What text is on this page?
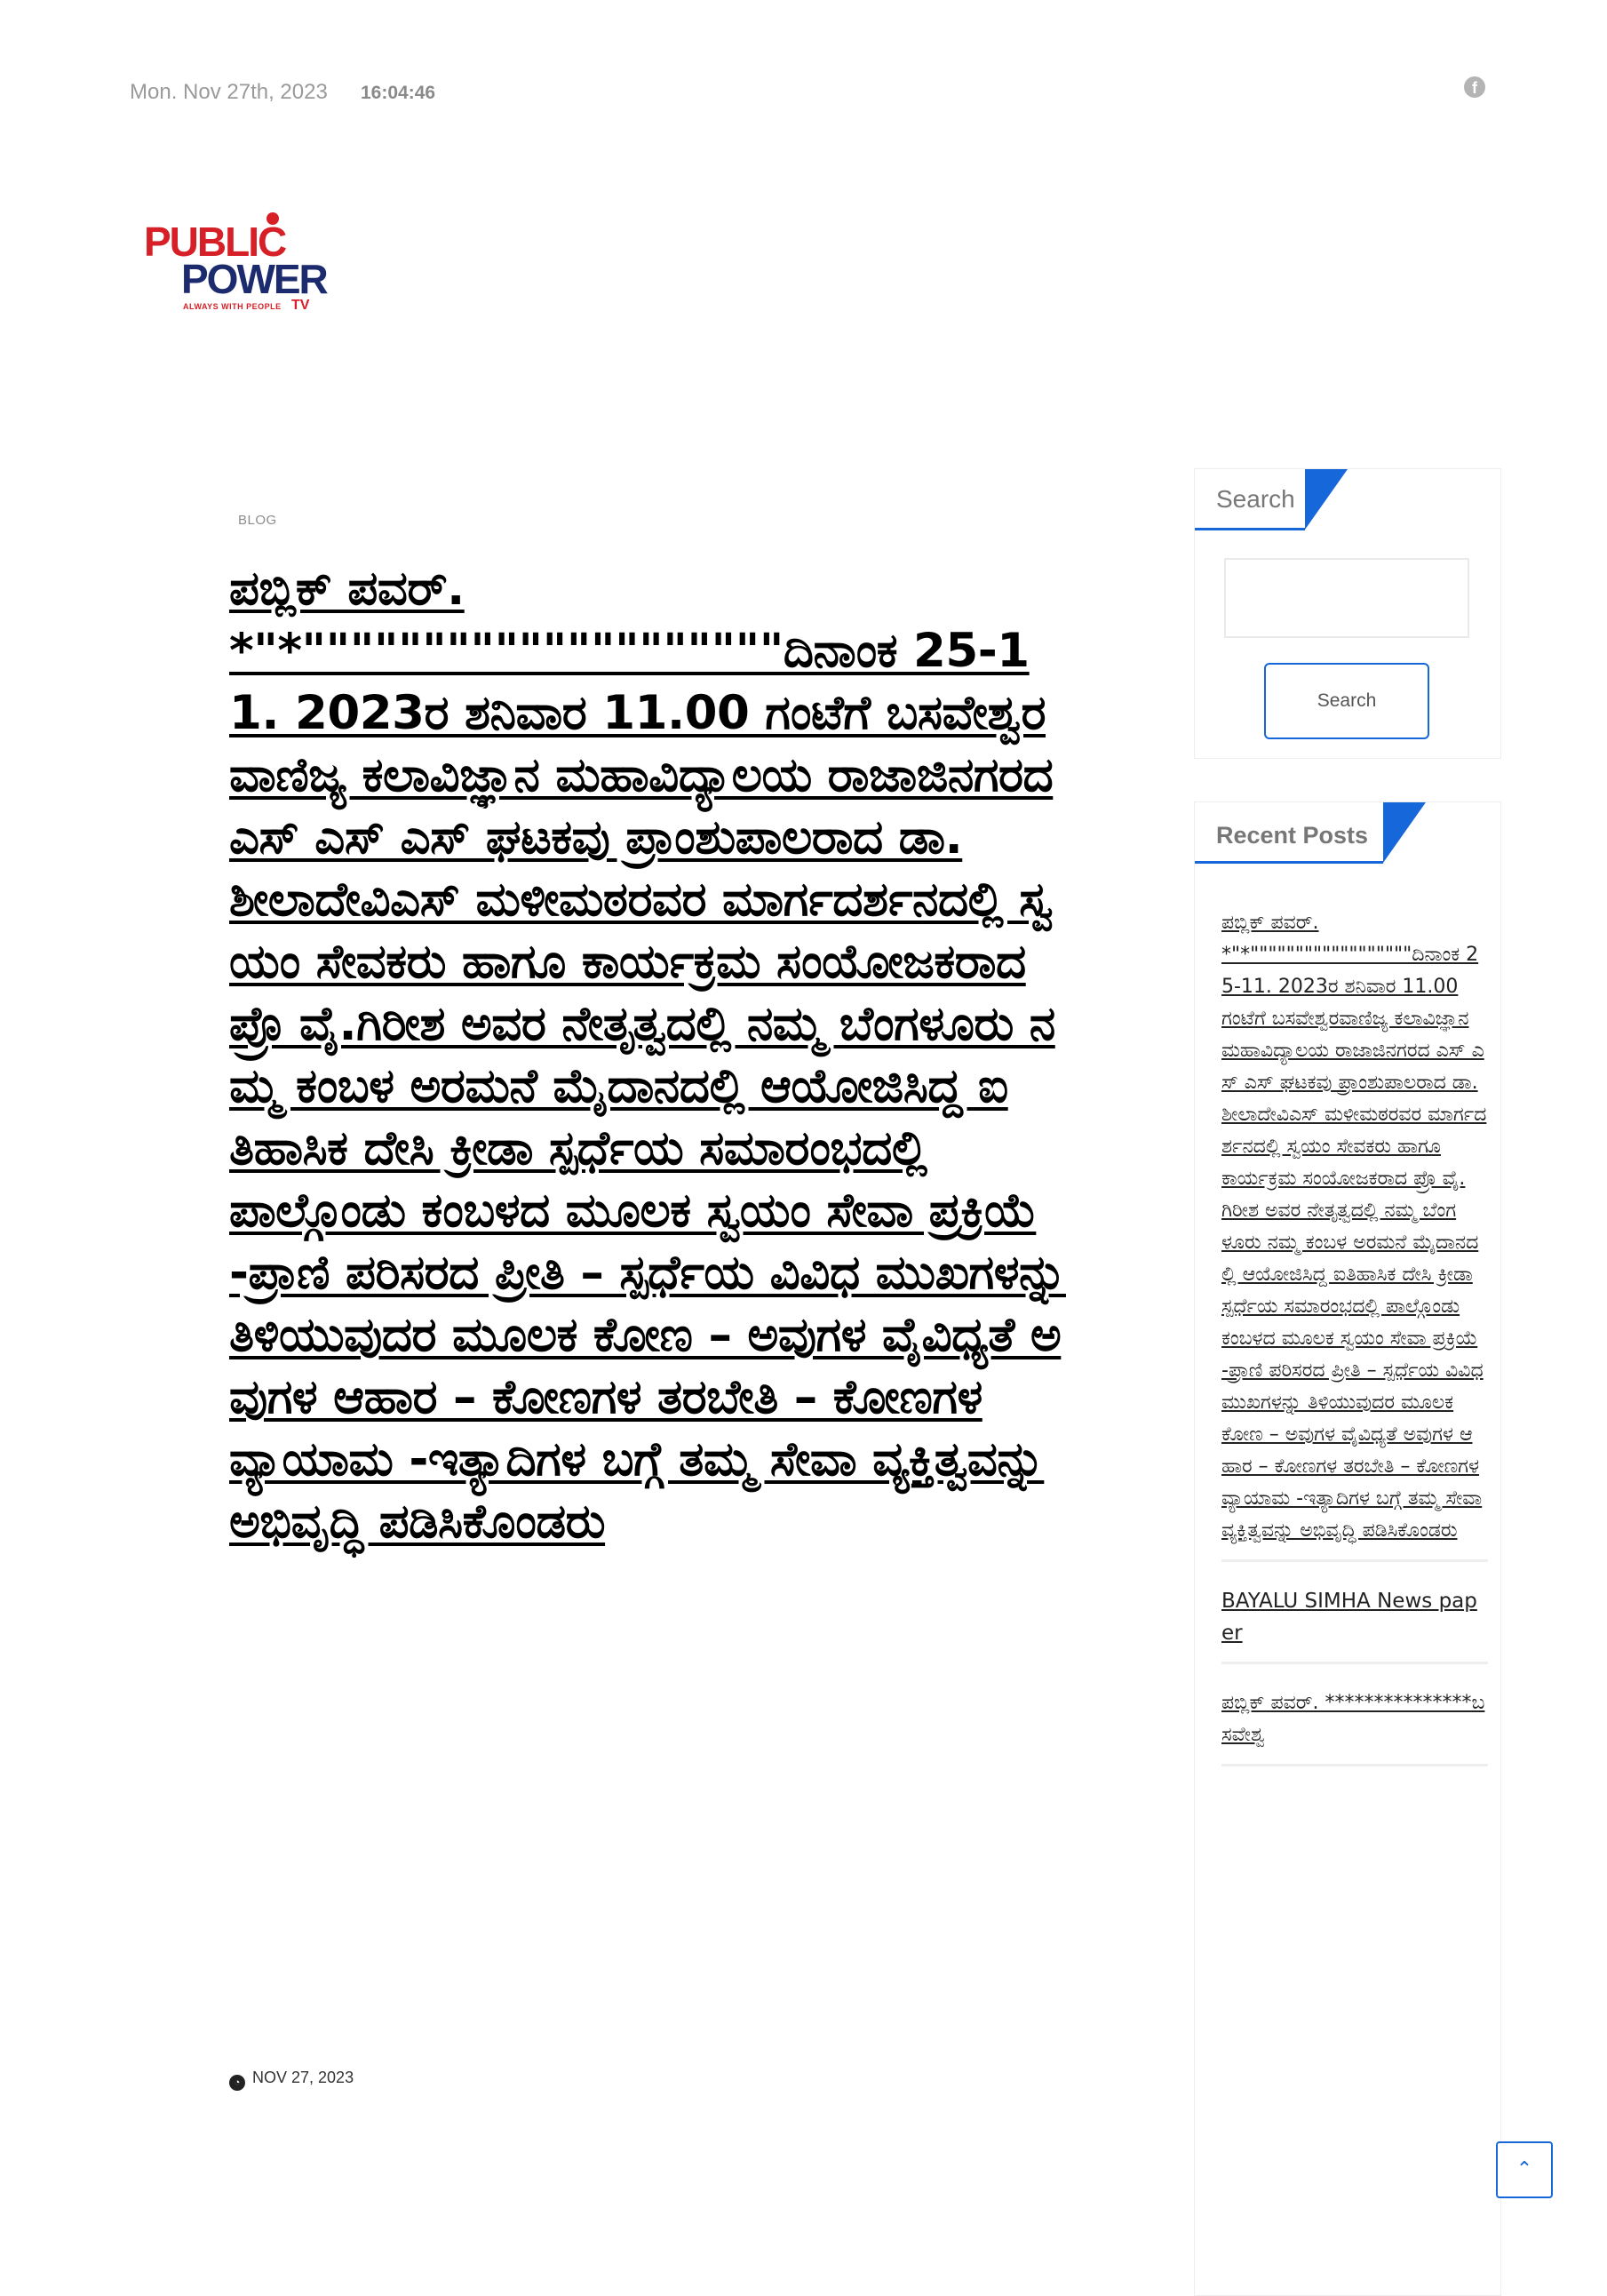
Mon. Nov 27th, 2023 16:04:46	f
PUBLIC
POWER
ALWAYS WITH PEOPLE TV
BLOG
ಪಬ್ಲಿಕ್ ಪವರ್. *"*""""""""""""""""""""ದಿನಾಂಕ 25-11. 2023ರ ಶನಿವಾರ 11.00 ಗಂಟೆಗೆ ಬಸವೇಶ್ವರವಾಣಿಜ್ಯ ಕಲಾವಿಜ್ಞಾನ ಮಹಾವಿದ್ಯಾಲಯ ರಾಜಾಜಿನಗರದ ಎಸ್ ಎಸ್ ಎಸ್ ಘಟಕವು ಪ್ರಾಂಶುಪಾಲರಾದ ಡಾ.ಶೀಲಾದೇವಿಎಸ್ ಮಳೀಮಠರವರ ಮಾರ್ಗದರ್ಶನದಲ್ಲಿ ಸ್ವಯಂ ಸೇವಕರು ಹಾಗೂ ಕಾರ್ಯಕ್ರಮ ಸಂಯೋಜಕರಾದ ಪ್ರೊ ವೈ.ಗಿರೀಶ ಅವರ ನೇತೃತ್ವದಲ್ಲಿ ನಮ್ಮ ಬೆಂಗಳೂರು ನಮ್ಮ ಕಂಬಳ ಅರಮನೆ ಮೈದಾನದಲ್ಲಿ ಆಯೋಜಿಸಿದ್ದ ಐತಿಹಾಸಿಕ ದೇಸಿ ಕ್ರೀಡಾ ಸ್ಪರ್ಧೆಯ ಸಮಾರಂಭದಲ್ಲಿ ಪಾಲ್ಗೊಂಡು ಕಂಬಳದ ಮೂಲಕ ಸ್ವಯಂ ಸೇವಾ ಪ್ರಕ್ರಿಯೆ -ಪ್ರಾಣಿ ಪರಿಸರದ ಪ್ರೀತಿ – ಸ್ಪರ್ಧೆಯ ವಿವಿಧ ಮುಖಗಳನ್ನು ತಿಳಿಯುವುದರ ಮೂಲಕ ಕೋಣ – ಅವುಗಳ ವೈವಿಧ್ಯತೆ ಅವುಗಳ ಆಹಾರ – ಕೋಣಗಳ ತರಬೇತಿ – ಕೋಣಗಳ ವ್ಯಾಯಾಮ -ಇತ್ಯಾದಿಗಳ ಬಗ್ಗೆ ತಮ್ಮ ಸೇವಾ ವ್ಯಕ್ತಿತ್ವವನ್ನು ಅಭಿವೃದ್ಧಿ ಪಡಿಸಿಕೊಂಡರು
◔ NOV 27, 2023
Search
Search
Recent Posts
ಪಬ್ಲಿಕ್ ಪವರ್. *"*""""""""""""""""""ದಿನಾಂಕ 25-11. 2023ರ ಶನಿವಾರ 11.00 ಗಂಟೆಗೆ ಬಸವೇಶ್ವರವಾಣಿಜ್ಯ ಕಲಾವಿಜ್ಞಾನ ಮಹಾವಿದ್ಯಾಲಯ ರಾಜಾಜಿನಗರದ ಎಸ್ ಎಸ್ ಎಸ್ ಘಟಕವು ಪ್ರಾಂಶುಪಾಲರಾದ ಡಾ.ಶೀಲಾದೇವಿಎಸ್ ಮಳೀಮಠರವರ ಮಾರ್ಗದರ್ಶನದಲ್ಲಿ ಸ್ವಯಂ ಸೇವಕರು ಹಾಗೂ ಕಾರ್ಯಕ್ರಮ ಸಂಯೋಜಕರಾದ ಪ್ರೊ ವೈ.ಗಿರೀಶ ಅವರ ನೇತೃತ್ವದಲ್ಲಿ ನಮ್ಮ ಬೆಂಗಳೂರು ನಮ್ಮ ಕಂಬಳ ಅರಮನೆ ಮೈದಾನದಲ್ಲಿ ಆಯೋಜಿಸಿದ್ದ ಐತಿಹಾಸಿಕ ದೇಸಿ ಕ್ರೀಡಾ ಸ್ಪರ್ಧೆಯ ಸಮಾರಂಭದಲ್ಲಿ ಪಾಲ್ಗೊಂಡು ಕಂಬಳದ ಮೂಲಕ ಸ್ವಯಂ ಸೇವಾ ಪ್ರಕ್ರಿಯೆ -ಪ್ರಾಣಿ ಪರಿಸರದ ಪ್ರೀತಿ – ಸ್ಪರ್ಧೆಯ ವಿವಿಧ ಮುಖಗಳನ್ನು ತಿಳಿಯುವುದರ ಮೂಲಕ ಕೋಣ – ಅವುಗಳ ವೈವಿಧ್ಯತೆ ಅವುಗಳ ಆಹಾರ – ಕೋಣಗಳ ತರಬೇತಿ – ಕೋಣಗಳ ವ್ಯಾಯಾಮ -ಇತ್ಯಾದಿಗಳ ಬಗ್ಗೆ ತಮ್ಮ ಸೇವಾ ವ್ಯಕ್ತಿತ್ವವನ್ನು ಅಭಿವೃದ್ಧಿ ಪಡಿಸಿಕೊಂಡರು
BAYALU SIMHA News paper
ಪಬ್ಲಿಕ್ ಪವರ್. ***************ಬಸವೇಶ್ವ
⌃
